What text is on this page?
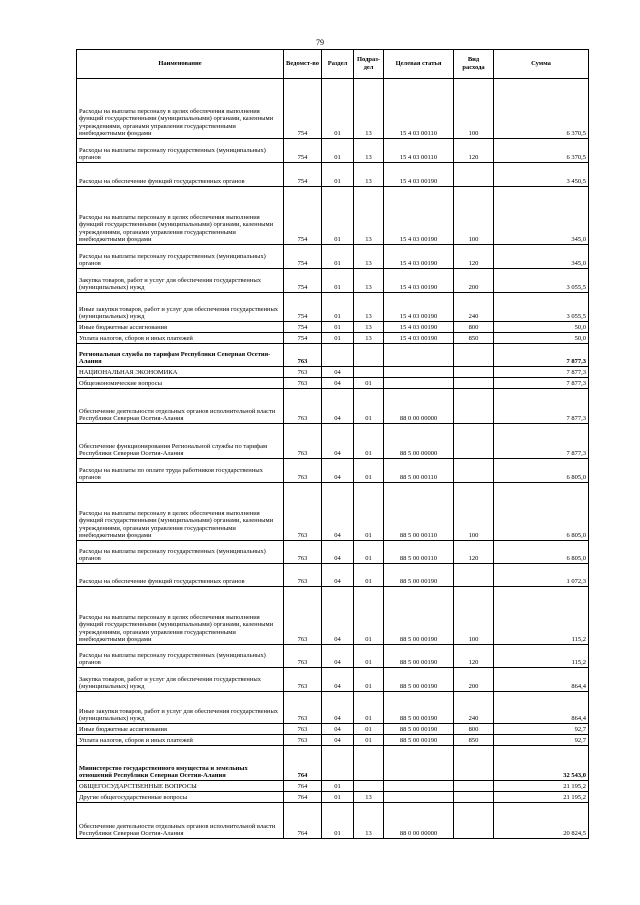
79
Наименование	Ведомст-во	Раздел	Подраз-дел	Целевая статья	Вид расхода	Сумма
Расходы на выплаты персоналу в целях обеспечения выполнения функций государственными (муниципальными) органами, казенными учреждениями, органами управления государственными внебюджетными фондами	754	01	13	15 4 03 00110	100	6 370,5
Расходы на выплаты персоналу государственных (муниципальных) органов	754	01	13	15 4 03 00110	120	6 370,5
Расходы на обеспечение функций государственных органов	754	01	13	15 4 03 00190		3 450,5
Расходы на выплаты персоналу в целях обеспечения выполнения функций государственными (муниципальными) органами, казенными учреждениями, органами управления государственными внебюджетными фондами	754	01	13	15 4 03 00190	100	345,0
Расходы на выплаты персоналу государственных (муниципальных) органов	754	01	13	15 4 03 00190	120	345,0
Закупка товаров, работ и услуг для обеспечения государственных (муниципальных) нужд	754	01	13	15 4 03 00190	200	3 055,5
Иные закупки товаров, работ и услуг для обеспечения государственных (муниципальных) нужд	754	01	13	15 4 03 00190	240	3 055,5
Иные бюджетные ассигнования	754	01	13	15 4 03 00190	800	50,0
Уплата налогов, сборов и иных платежей	754	01	13	15 4 03 00190	850	50,0
Региональная служба по тарифам Республики Северная Осетия-Алания	763					7 877,3
НАЦИОНАЛЬНАЯ ЭКОНОМИКА	763	04				7 877,3
Общеэкономические вопросы	763	04	01			7 877,3
Обеспечение деятельности отдельных органов исполнительной власти Республики Северная Осетия-Алания	763	04	01	88 0 00 00000		7 877,3
Обеспечение функционирования Региональной службы по тарифам Республики Северная Осетия-Алания	763	04	01	88 5 00 00000		7 877,3
Расходы на выплаты по оплате труда работников государственных органов	763	04	01	88 5 00 00110		6 805,0
Расходы на выплаты персоналу в целях обеспечения выполнения функций государственными (муниципальными) органами, казенными учреждениями, органами управления государственными внебюджетными фондами	763	04	01	88 5 00 00110	100	6 805,0
Расходы на выплаты персоналу государственных (муниципальных) органов	763	04	01	88 5 00 00110	120	6 805,0
Расходы на обеспечение функций государственных органов	763	04	01	88 5 00 00190		1 072,3
Расходы на выплаты персоналу в целях обеспечения выполнения функций государственными (муниципальными) органами, казенными учреждениями, органами управления государственными внебюджетными фондами	763	04	01	88 5 00 00190	100	115,2
Расходы на выплаты персоналу государственных (муниципальных) органов	763	04	01	88 5 00 00190	120	115,2
Закупка товаров, работ и услуг для обеспечения государственных (муниципальных) нужд	763	04	01	88 5 00 00190	200	864,4
Иные закупки товаров, работ и услуг для обеспечения государственных (муниципальных) нужд	763	04	01	88 5 00 00190	240	864,4
Иные бюджетные ассигнования	763	04	01	88 5 00 00190	800	92,7
Уплата налогов, сборов и иных платежей	763	04	01	88 5 00 00190	850	92,7
Министерство государственного имущества и земельных отношений Республики Северная Осетия-Алания	764					32 543,0
ОБЩЕГОСУДАРСТВЕННЫЕ ВОПРОСЫ	764	01				21 195,2
Другие общегосударственные вопросы	764	01	13			21 195,2
Обеспечение деятельности отдельных органов исполнительной власти Республики Северная Осетия-Алания	764	01	13	88 0 00 00000		20 824,5
